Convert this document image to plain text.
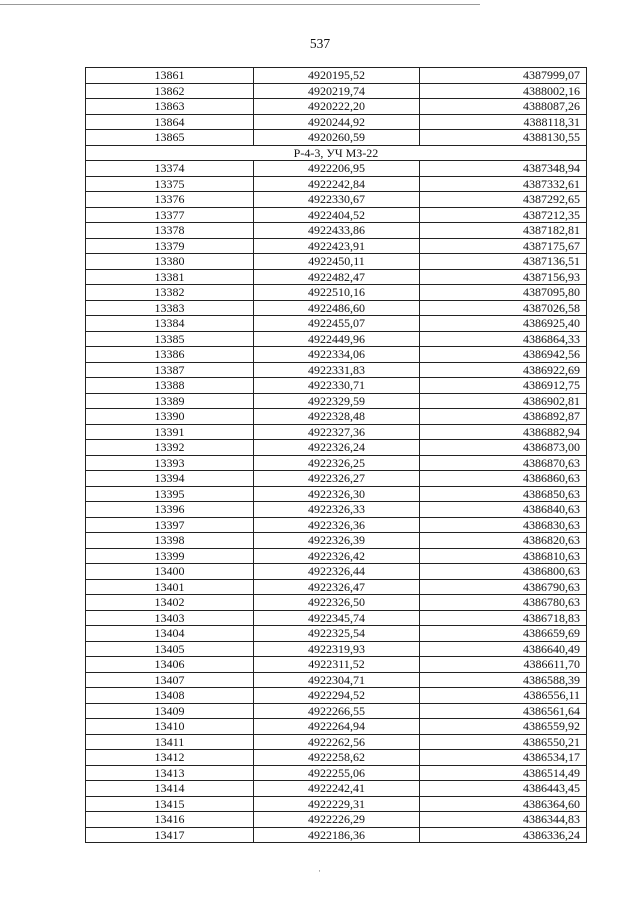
537
13861	4920195,52	4387999,07
13862	4920219,74	4388002,16
13863	4920222,20	4388087,26
13864	4920244,92	4388118,31
13865	4920260,59	4388130,55
Р-4-3, УЧ МЗ-22		
13374	4922206,95	4387348,94
13375	4922242,84	4387332,61
13376	4922330,67	4387292,65
13377	4922404,52	4387212,35
13378	4922433,86	4387182,81
13379	4922423,91	4387175,67
13380	4922450,11	4387136,51
13381	4922482,47	4387156,93
13382	4922510,16	4387095,80
13383	4922486,60	4387026,58
13384	4922455,07	4386925,40
13385	4922449,96	4386864,33
13386	4922334,06	4386942,56
13387	4922331,83	4386922,69
13388	4922330,71	4386912,75
13389	4922329,59	4386902,81
13390	4922328,48	4386892,87
13391	4922327,36	4386882,94
13392	4922326,24	4386873,00
13393	4922326,25	4386870,63
13394	4922326,27	4386860,63
13395	4922326,30	4386850,63
13396	4922326,33	4386840,63
13397	4922326,36	4386830,63
13398	4922326,39	4386820,63
13399	4922326,42	4386810,63
13400	4922326,44	4386800,63
13401	4922326,47	4386790,63
13402	4922326,50	4386780,63
13403	4922345,74	4386718,83
13404	4922325,54	4386659,69
13405	4922319,93	4386640,49
13406	4922311,52	4386611,70
13407	4922304,71	4386588,39
13408	4922294,52	4386556,11
13409	4922266,55	4386561,64
13410	4922264,94	4386559,92
13411	4922262,56	4386550,21
13412	4922258,62	4386534,17
13413	4922255,06	4386514,49
13414	4922242,41	4386443,45
13415	4922229,31	4386364,60
13416	4922226,29	4386344,83
13417	4922186,36	4386336,24
·
